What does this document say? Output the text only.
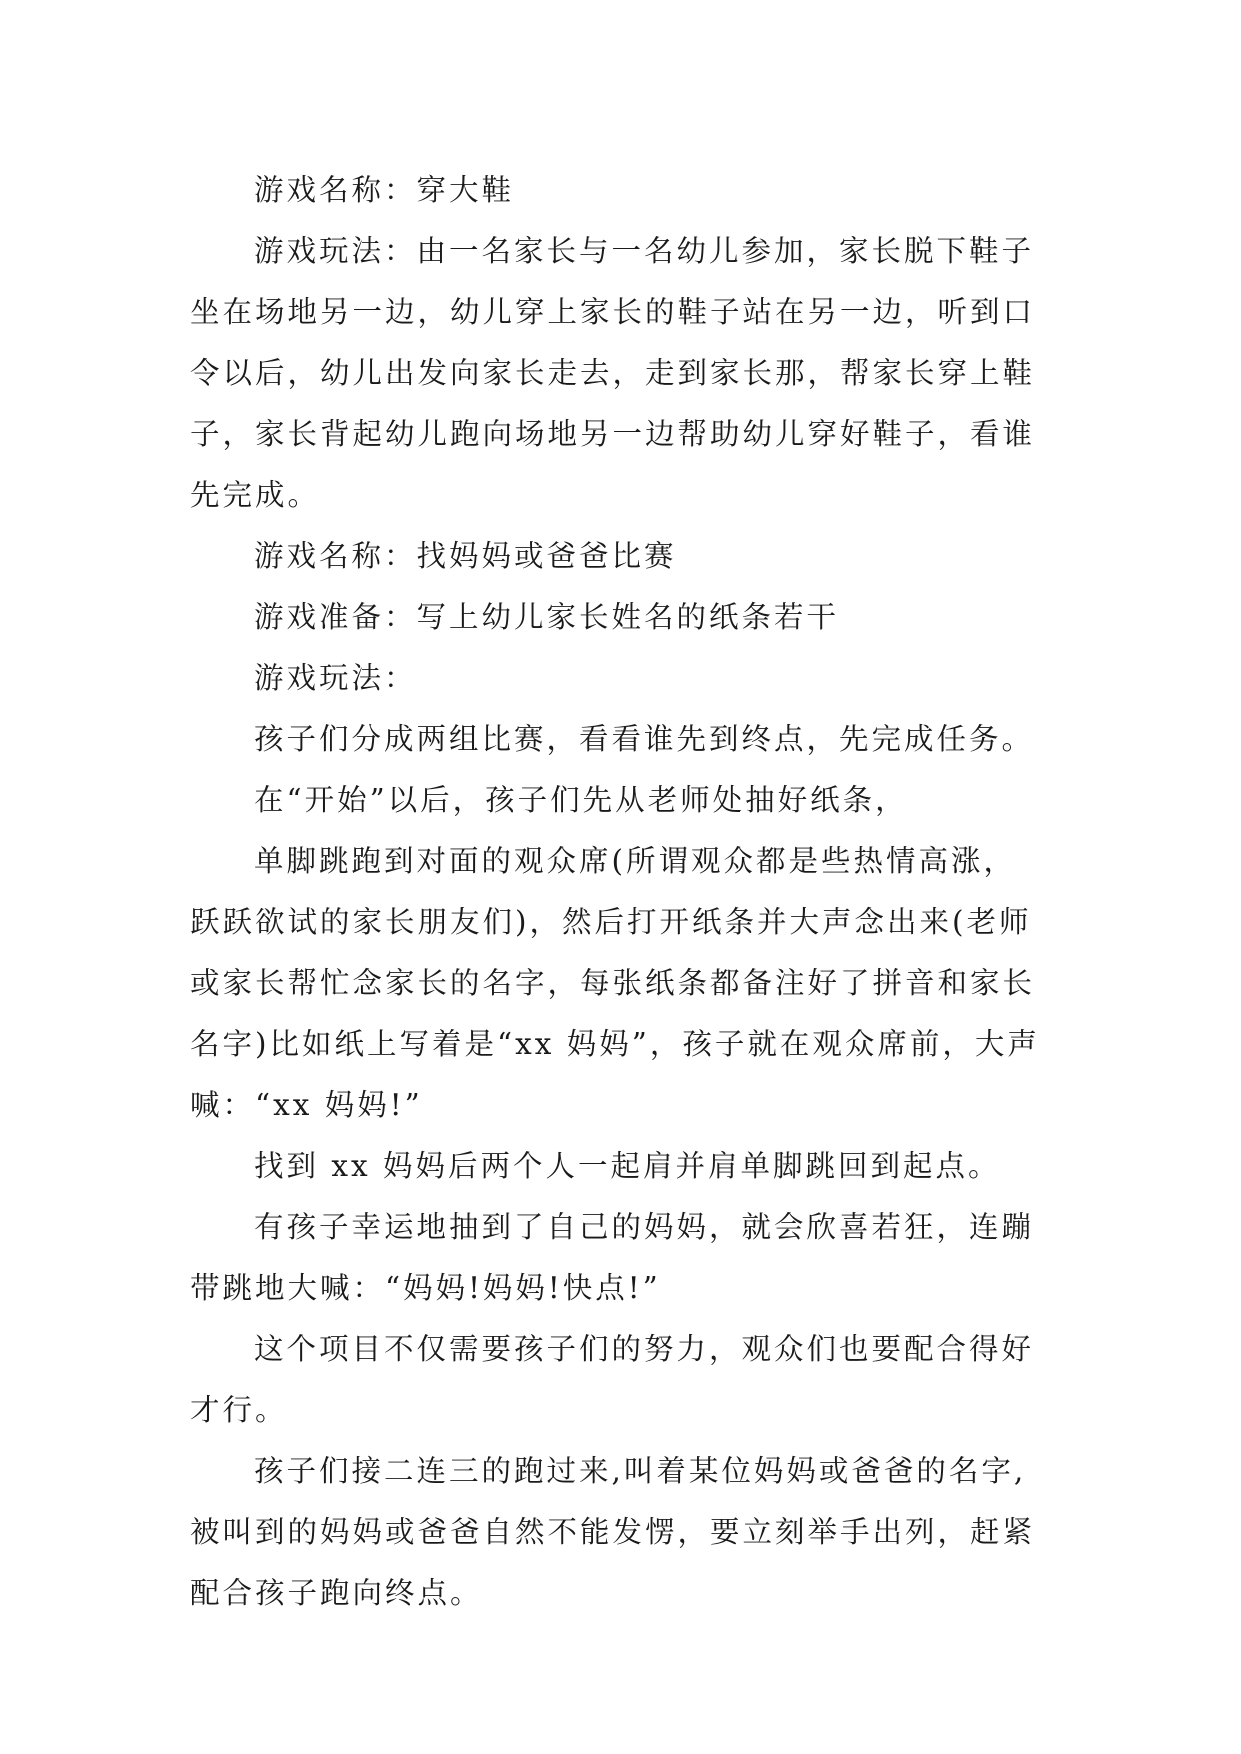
游戏名称：穿大鞋

游戏玩法：由一名家长与一名幼儿参加，家长脱下鞋子

坐在场地另一边，幼儿穿上家长的鞋子站在另一边，听到口

令以后，幼儿出发向家长走去，走到家长那，帮家长穿上鞋

子，家长背起幼儿跑向场地另一边帮助幼儿穿好鞋子，看谁

先完成。

游戏名称：找妈妈或爸爸比赛

游戏准备：写上幼儿家长姓名的纸条若干

游戏玩法：

孩子们分成两组比赛，看看谁先到终点，先完成任务。

在“开始”以后，孩子们先从老师处抽好纸条，

单脚跳跑到对面的观众席(所谓观众都是些热情高涨，

跃跃欲试的家长朋友们)，然后打开纸条并大声念出来(老师

或家长帮忙念家长的名字，每张纸条都备注好了拼音和家长

名字)比如纸上写着是“xx 妈妈”，孩子就在观众席前，大声

喊：“xx 妈妈!”

找到 xx 妈妈后两个人一起肩并肩单脚跳回到起点。

有孩子幸运地抽到了自己的妈妈，就会欣喜若狂，连蹦

带跳地大喊：“妈妈!妈妈!快点!”

这个项目不仅需要孩子们的努力，观众们也要配合得好

才行。

孩子们接二连三的跑过来,叫着某位妈妈或爸爸的名字,

被叫到的妈妈或爸爸自然不能发愣，要立刻举手出列，赶紧

配合孩子跑向终点。
